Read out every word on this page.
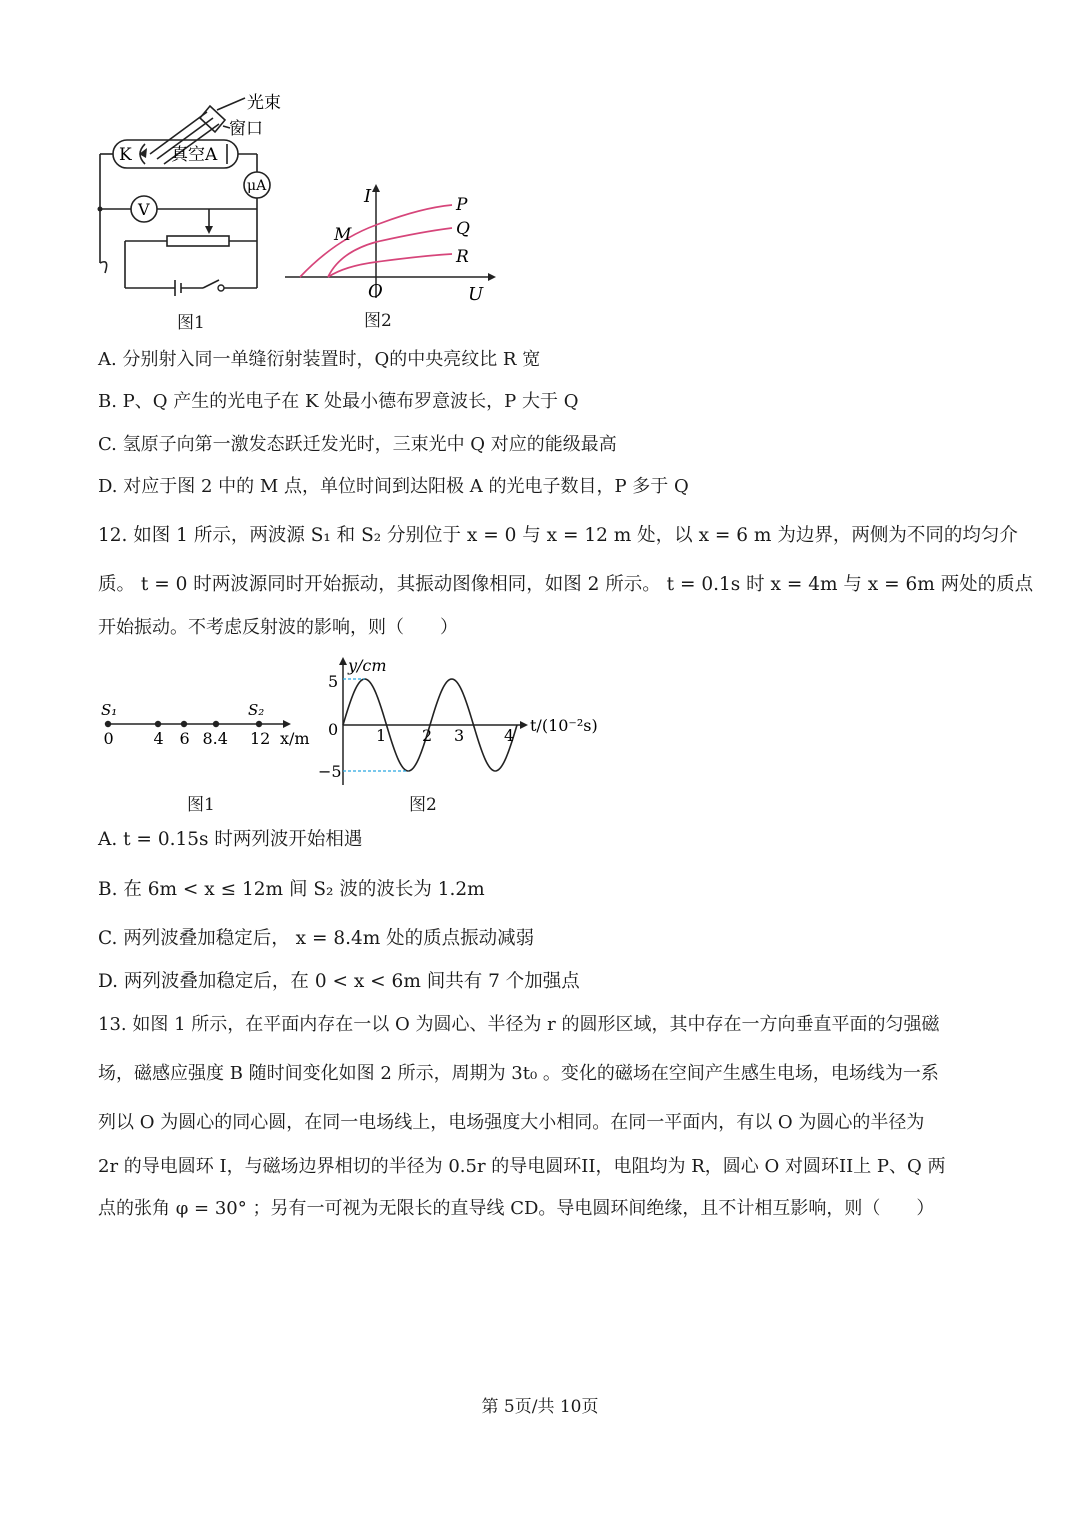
光束
窗口
K 真空A
μA
V
图1
I
U
O
M
P
Q
R
图2
A. 分别射入同一单缝衍射装置时，Q的中央亮纹比 R 宽
B. P、Q 产生的光电子在 K 处最小德布罗意波长，P 大于 Q
C. 氢原子向第一激发态跃迁发光时，三束光中 Q 对应的能级最高
D. 对应于图 2 中的 M 点，单位时间到达阳极 A 的光电子数目，P 多于 Q
12. 如图 1 所示，两波源 S₁ 和 S₂ 分别位于 x = 0 与 x = 12 m 处，以 x = 6 m 为边界，两侧为不同的均匀介
质。 t = 0 时两波源同时开始振动，其振动图像相同，如图 2 所示。 t = 0.1s 时 x = 4m 与 x = 6m 两处的质点
开始振动。不考虑反射波的影响，则（　　）
0 4 6 8.4 12
S₁	S₂
x/m
图1
y/cm
t/(10⁻²s)
5
0
−5
1 2 3 4
图2
A. t = 0.15s 时两列波开始相遇
B. 在 6m < x ≤ 12m 间 S₂ 波的波长为 1.2m
C. 两列波叠加稳定后， x = 8.4m 处的质点振动减弱
D. 两列波叠加稳定后，在 0 < x < 6m 间共有 7 个加强点
13. 如图 1 所示，在平面内存在一以 O 为圆心、半径为 r 的圆形区域，其中存在一方向垂直平面的匀强磁
场，磁感应强度 B 随时间变化如图 2 所示，周期为 3t₀ 。变化的磁场在空间产生感生电场，电场线为一系
列以 O 为圆心的同心圆，在同一电场线上，电场强度大小相同。在同一平面内，有以 O 为圆心的半径为
2r 的导电圆环 I，与磁场边界相切的半径为 0.5r 的导电圆环II，电阻均为 R，圆心 O 对圆环II上 P、Q 两
点的张角 φ = 30° ；另有一可视为无限长的直导线 CD。导电圆环间绝缘，且不计相互影响，则（　　）
第 5页/共 10页
